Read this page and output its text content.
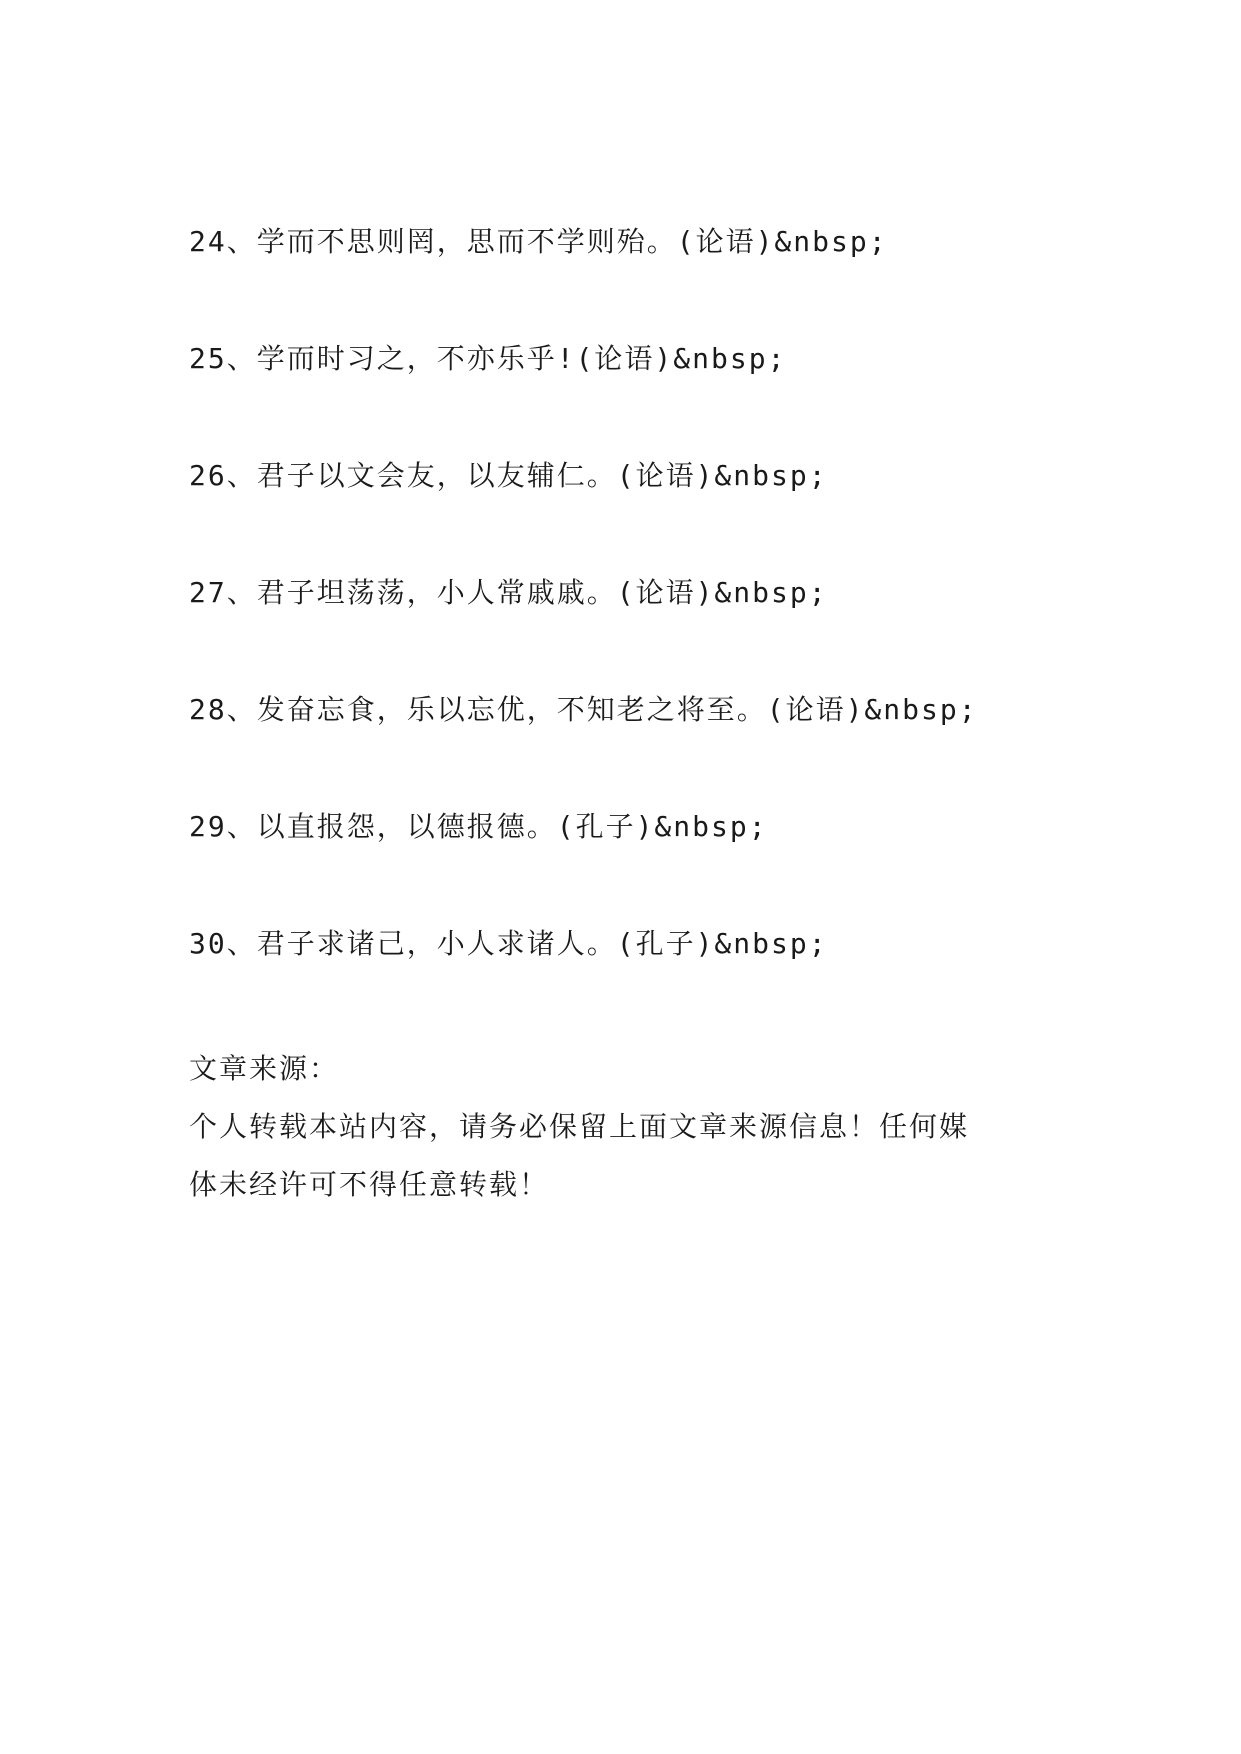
24、学而不思则罔，思而不学则殆。(论语)&nbsp;

25、学而时习之，不亦乐乎!(论语)&nbsp;

26、君子以文会友，以友辅仁。(论语)&nbsp;

27、君子坦荡荡，小人常戚戚。(论语)&nbsp;

28、发奋忘食，乐以忘优，不知老之将至。(论语)&nbsp;

29、以直报怨，以德报德。(孔子)&nbsp;

30、君子求诸己，小人求诸人。(孔子)&nbsp;

文章来源：

个人转载本站内容，请务必保留上面文章来源信息！任何媒

体未经许可不得任意转载！
